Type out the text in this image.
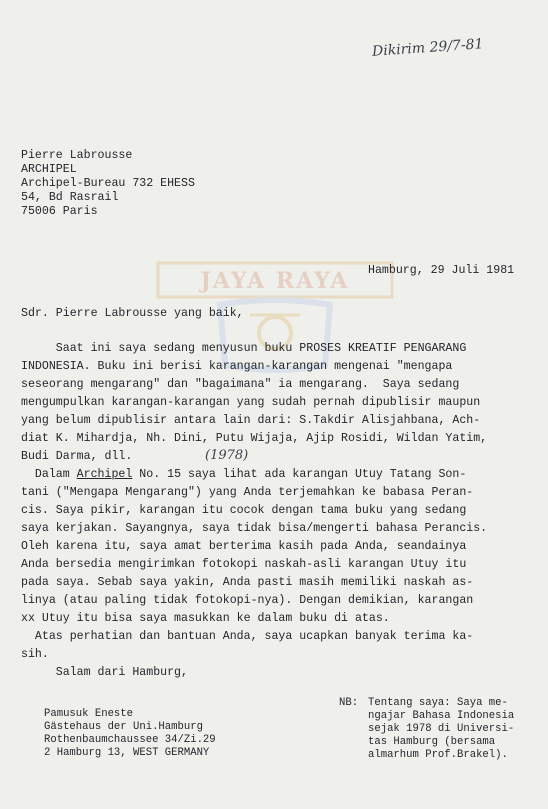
JAYA RAYA
Dikirim 29/7-81
Pierre Labrousse
ARCHIPEL
Archipel-Bureau 732 EHESS
54, Bd Rasrail
75006 Paris
Hamburg, 29 Juli 1981
Sdr. Pierre Labrousse yang baik,
Saat ini saya sedang menyusun buku PROSES KREATIF PENGARANG
INDONESIA. Buku ini berisi karangan-karangan mengenai "mengapa
seseorang mengarang" dan "bagaimana" ia mengarang.  Saya sedang
mengumpulkan karangan-karangan yang sudah pernah dipublisir maupun
yang belum dipublisir antara lain dari: S.Takdir Alisjahbana, Ach-
diat K. Mihardja, Nh. Dini, Putu Wijaja, Ajip Rosidi, Wildan Yatim,
Budi Darma, dll.	(1978)
Dalam Archipel No. 15 saya lihat ada karangan Utuy Tatang Son-
tani ("Mengapa Mengarang") yang Anda terjemahkan ke babasa Peran-
cis. Saya pikir, karangan itu cocok dengan tama buku yang sedang
saya kerjakan. Sayangnya, saya tidak bisa/mengerti bahasa Perancis.
Oleh karena itu, saya amat berterima kasih pada Anda, seandainya
Anda bersedia mengirimkan fotokopi naskah-asli karangan Utuy itu
pada saya. Sebab saya yakin, Anda pasti masih memiliki naskah as-
linya (atau paling tidak fotokopi-nya). Dengan demikian, karangan
xx Utuy itu bisa saya masukkan ke dalam buku di atas.
Atas perhatian dan bantuan Anda, saya ucapkan banyak terima ka-
sih.
Salam dari Hamburg,
NB: Tentang saya: Saya me-
ngajar Bahasa Indonesia
sejak 1978 di Universi-
tas Hamburg (bersama
almarhum Prof.Brakel).
Pamusuk Eneste
Gästehaus der Uni.Hamburg
Rothenbaumchaussee 34/Zi.29
2 Hamburg 13, WEST GERMANY
